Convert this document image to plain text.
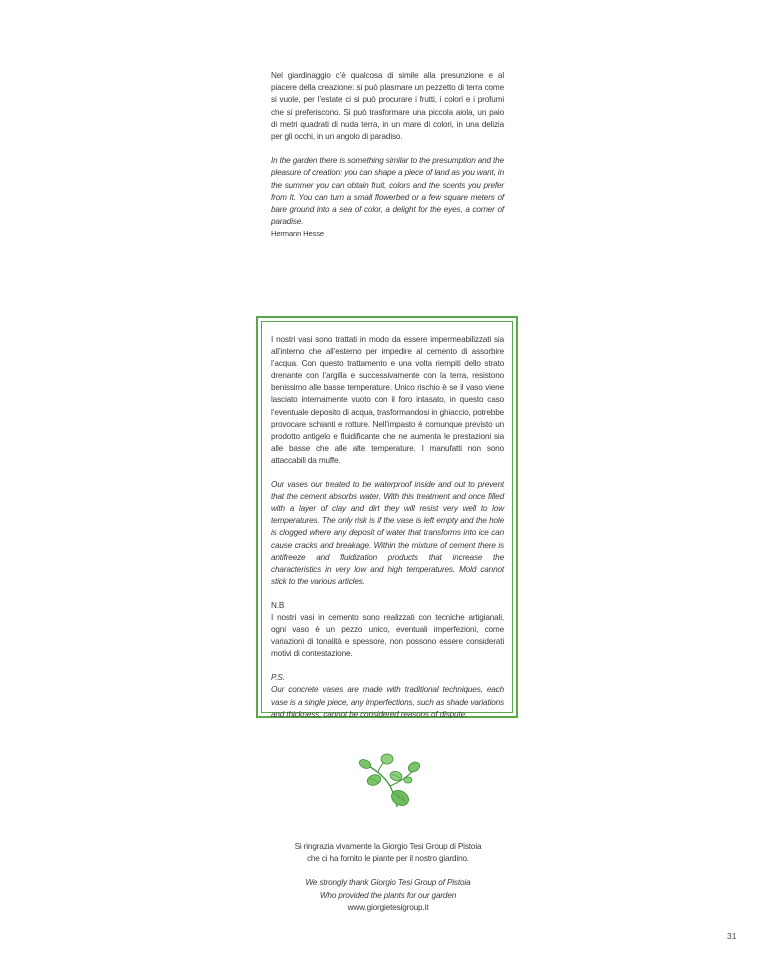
Nel giardinaggio c’è qualcosa di simile alla presunzione e al piacere della creazione: si può plasmare un pezzetto di terra come si vuole, per l’estate ci si può procurare i frutti, i colori e i profumi che si preferiscono. Si può trasformare una piccola aiola, un paio di metri quadrati di nuda terra, in un mare di colori, in una delizia per gli occhi, in un angolo di paradiso.

In the garden there is something similar to the presumption and the pleasure of creation: you can shape a piece of land as you want, in the summer you can obtain fruit, colors and the scents you prefer from It. You can turn a small flowerbed or a few square meters of bare ground into a sea of color, a delight for the eyes, a corner of paradise.

Hermann Hesse

I nostri vasi sono trattati in modo da essere impermeabilizzati sia all’interno che all’esterno per impedire al cemento di assorbire l’acqua. Con questo trattamento e una volta riempiti dello strato drenante con l’argilla e successivamente con la terra, resistono benissimo alle basse temperature. Unico rischio è se il vaso viene lasciato internamente vuoto con il foro intasato, in questo caso l’eventuale deposito di acqua, trasformandosi in ghiaccio, potrebbe provocare schianti e rotture. Nell’impasto è comunque previsto un prodotto antigelo e fluidificante che ne aumenta le prestazioni sia alle basse che alle alte temperature. I manufatti non sono attaccabili da muffe.

Our vases our treated to be waterproof inside and out to prevent that the cement absorbs water. With this treatment and once filled with a layer of clay and dirt they will resist very well to low temperatures. The only risk is if the vase is left empty and the hole is clogged where any deposit of water that transforms into ice can cause cracks and breakage. Within the mixture of cement there is antifreeze and fluidization products that increase the characteristics in very low and high temperatures. Mold cannot stick to the various articles.

N.B

I nostri vasi in cemento sono realizzati con tecniche artigianali, ogni vaso è un pezzo unico, eventuali imperfezioni, come variazioni di tonalità e spessore, non possono essere considerati motivi di contestazione.

P.S.

Our concrete vases are made with traditional techniques, each vase is a single piece, any imperfections, such as shade variations and thickness, cannot be considered reasons of dispute.

Si ringrazia vivamente la Giorgio Tesi Group di Pistoia

che ci ha fornito le piante per il nostro giardino.

We strongly thank Giorgio Tesi Group of Pistoia

Who provided the plants for our garden

www.giorgietesigroup.it

31
